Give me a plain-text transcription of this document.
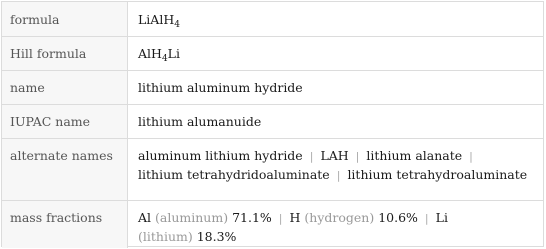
formula	LiAlH$_4$
Hill formula	AlH$_4$Li
name	lithium aluminum hydride
IUPAC name	lithium alumanuide
alternate names	aluminum lithium hydride | LAH | lithium alanate |
lithium tetrahydridoaluminate | lithium tetrahydroaluminate
mass fractions	Al (aluminum) 71.1% | H (hydrogen) 10.6% | Li
(lithium) 18.3%
